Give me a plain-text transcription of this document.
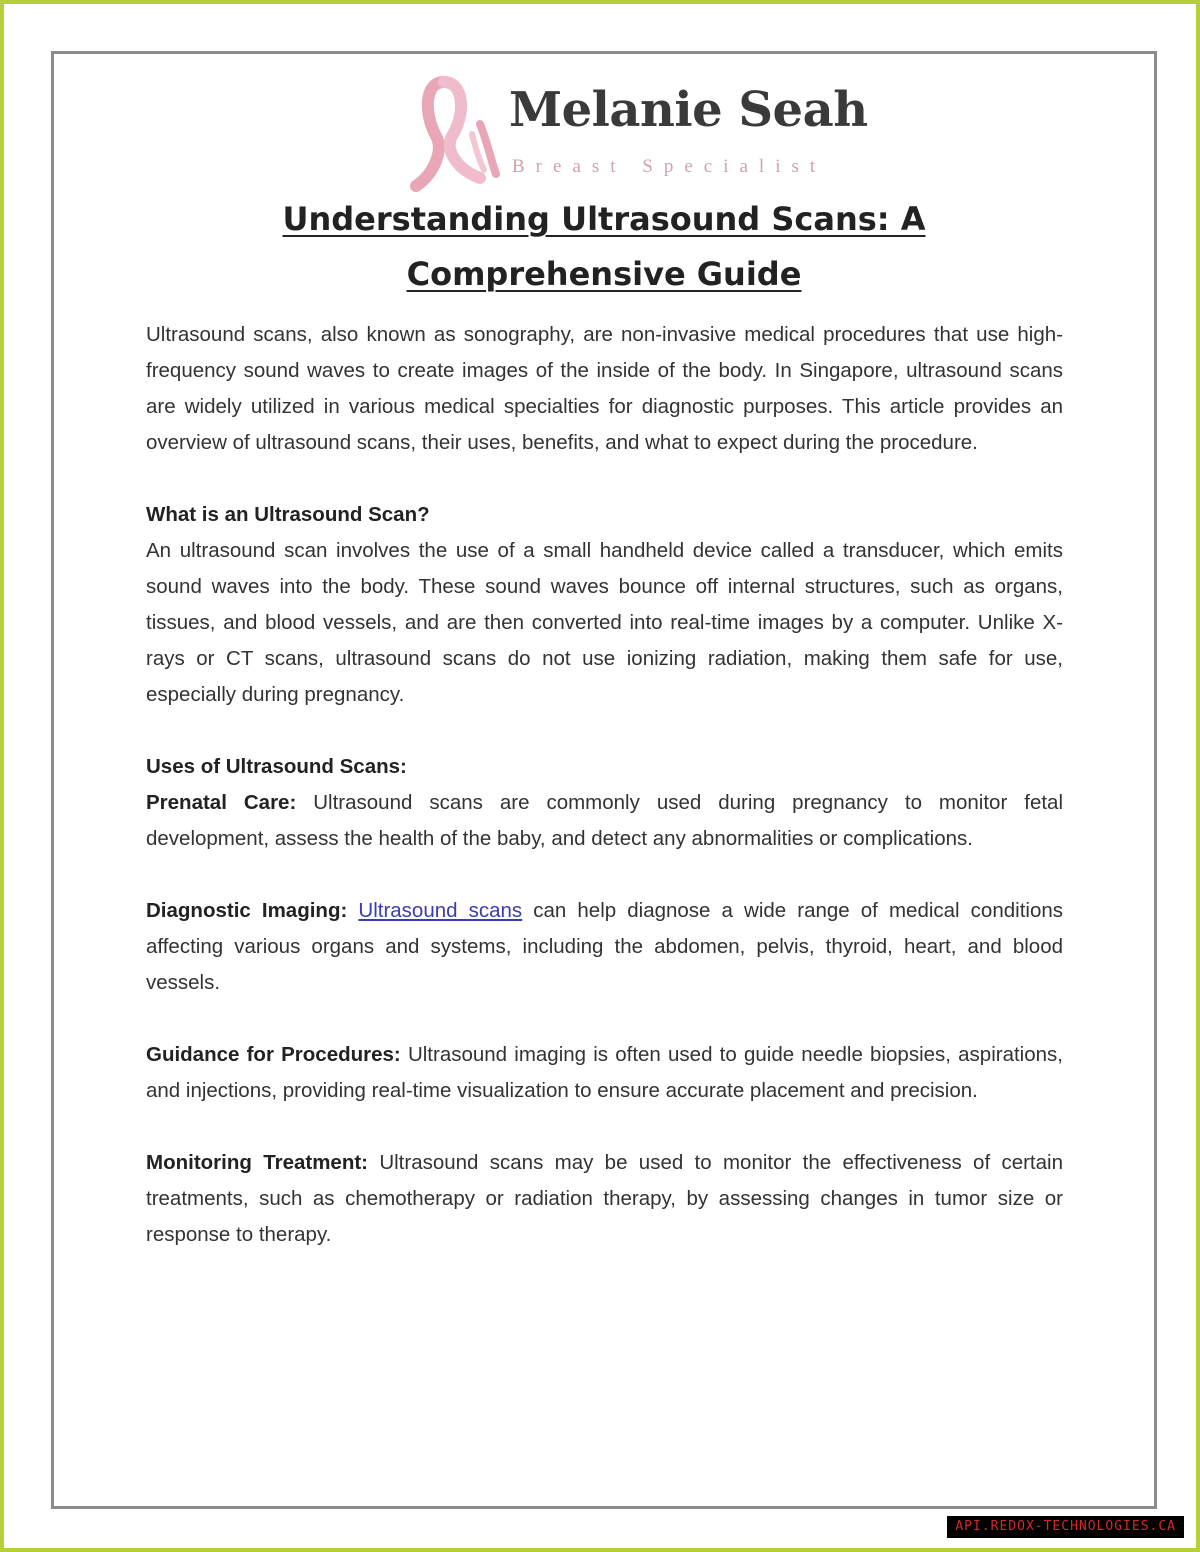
Melanie Seah
Breast Specialist
Understanding Ultrasound Scans: A Comprehensive Guide

Ultrasound scans, also known as sonography, are non-invasive medical procedures that use high-frequency sound waves to create images of the inside of the body. In Singapore, ultrasound scans are widely utilized in various medical specialties for diagnostic purposes. This article provides an overview of ultrasound scans, their uses, benefits, and what to expect during the procedure.

What is an Ultrasound Scan?

An ultrasound scan involves the use of a small handheld device called a transducer, which emits sound waves into the body. These sound waves bounce off internal structures, such as organs, tissues, and blood vessels, and are then converted into real-time images by a computer. Unlike X-rays or CT scans, ultrasound scans do not use ionizing radiation, making them safe for use, especially during pregnancy.

Uses of Ultrasound Scans:

Prenatal Care: Ultrasound scans are commonly used during pregnancy to monitor fetal development, assess the health of the baby, and detect any abnormalities or complications.

Diagnostic Imaging: Ultrasound scans can help diagnose a wide range of medical conditions affecting various organs and systems, including the abdomen, pelvis, thyroid, heart, and blood vessels.

Guidance for Procedures: Ultrasound imaging is often used to guide needle biopsies, aspirations, and injections, providing real-time visualization to ensure accurate placement and precision.

Monitoring Treatment: Ultrasound scans may be used to monitor the effectiveness of certain treatments, such as chemotherapy or radiation therapy, by assessing changes in tumor size or response to therapy.

API.REDOX-TECHNOLOGIES.CA
